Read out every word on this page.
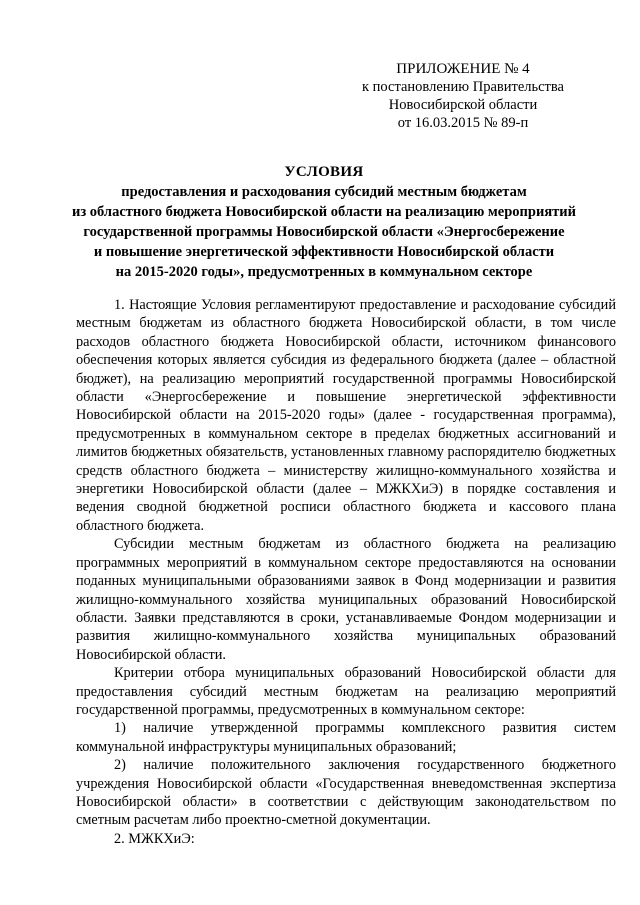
ПРИЛОЖЕНИЕ № 4
к постановлению Правительства
Новосибирской области
от 16.03.2015 № 89-п
УСЛОВИЯ
предоставления и расходования субсидий местным бюджетам
из областного бюджета Новосибирской области на реализацию мероприятий
государственной программы Новосибирской области «Энергосбережение
и повышение энергетической эффективности Новосибирской области
на 2015-2020 годы», предусмотренных в коммунальном секторе

1. Настоящие Условия регламентируют предоставление и расходование субсидий местным бюджетам из областного бюджета Новосибирской области, в том числе расходов областного бюджета Новосибирской области, источником финансового обеспечения которых является субсидия из федерального бюджета (далее – областной бюджет), на реализацию мероприятий государственной программы Новосибирской области «Энергосбережение и повышение энергетической эффективности Новосибирской области на 2015-2020 годы» (далее - государственная программа), предусмотренных в коммунальном секторе в пределах бюджетных ассигнований и лимитов бюджетных обязательств, установленных главному распорядителю бюджетных средств областного бюджета – министерству жилищно-коммунального хозяйства и энергетики Новосибирской области (далее – МЖКХиЭ) в порядке составления и ведения сводной бюджетной росписи областного бюджета и кассового плана областного бюджета.

Субсидии местным бюджетам из областного бюджета на реализацию программных мероприятий в коммунальном секторе предоставляются на основании поданных муниципальными образованиями заявок в Фонд модернизации и развития жилищно-коммунального хозяйства муниципальных образований Новосибирской области. Заявки представляются в сроки, устанавливаемые Фондом модернизации и развития жилищно-коммунального хозяйства муниципальных образований Новосибирской области.

Критерии отбора муниципальных образований Новосибирской области для предоставления субсидий местным бюджетам на реализацию мероприятий государственной программы, предусмотренных в коммунальном секторе:

1) наличие утвержденной программы комплексного развития систем коммунальной инфраструктуры муниципальных образований;

2) наличие положительного заключения государственного бюджетного учреждения Новосибирской области «Государственная вневедомственная экспертиза Новосибирской области» в соответствии с действующим законодательством по сметным расчетам либо проектно-сметной документации.

2. МЖКХиЭ:
